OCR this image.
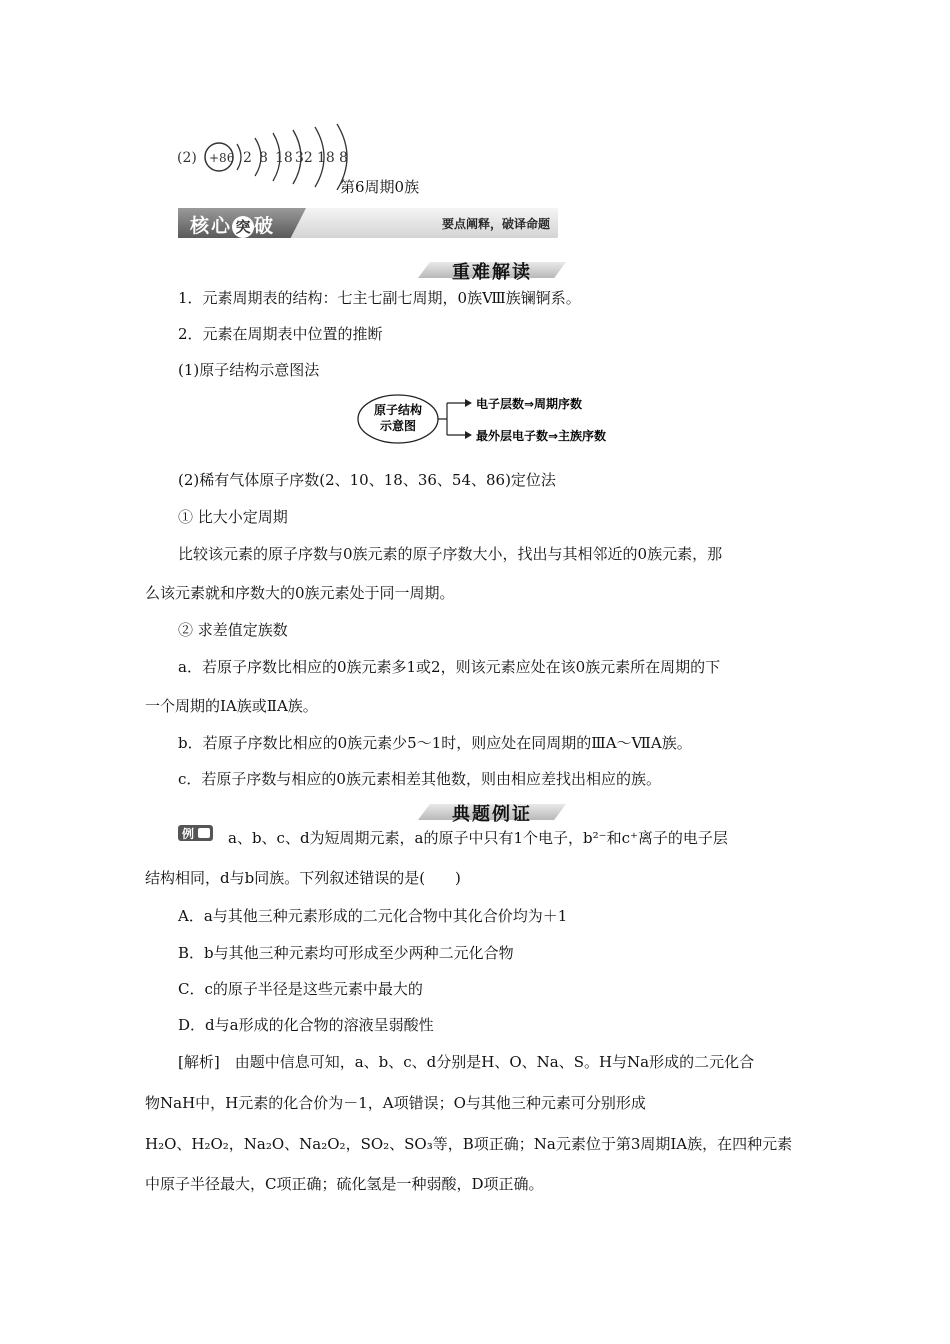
(2) +86 2 8 18 32 18 8
第6周期0族
核心 突 破	要点阐释，破译命题
重难解读
1．元素周期表的结构：七主七副七周期，0族Ⅷ族镧锕系。
2．元素在周期表中位置的推断
(1)原子结构示意图法
原子结构
示意图
电子层数⇒周期序数
最外层电子数⇒主族序数
(2)稀有气体原子序数(2、10、18、36、54、86)定位法
① 比大小定周期
比较该元素的原子序数与0族元素的原子序数大小，找出与其相邻近的0族元素，那
么该元素就和序数大的0族元素处于同一周期。
② 求差值定族数
a．若原子序数比相应的0族元素多1或2，则该元素应处在该0族元素所在周期的下
一个周期的ⅠA族或ⅡA族。
b．若原子序数比相应的0族元素少5～1时，则应处在同周期的ⅢA～ⅦA族。
c．若原子序数与相应的0族元素相差其他数，则由相应差找出相应的族。
典题例证
例 a、b、c、d为短周期元素，a的原子中只有1个电子，b²⁻和c⁺离子的电子层
结构相同，d与b同族。下列叙述错误的是(　　)
A．a与其他三种元素形成的二元化合物中其化合价均为＋1
B．b与其他三种元素均可形成至少两种二元化合物
C．c的原子半径是这些元素中最大的
D．d与a形成的化合物的溶液呈弱酸性
[解析]　由题中信息可知，a、b、c、d分别是H、O、Na、S。H与Na形成的二元化合
物NaH中，H元素的化合价为－1，A项错误；O与其他三种元素可分别形成
H₂O、H₂O₂，Na₂O、Na₂O₂，SO₂、SO₃等，B项正确；Na元素位于第3周期ⅠA族，在四种元素
中原子半径最大，C项正确；硫化氢是一种弱酸，D项正确。
